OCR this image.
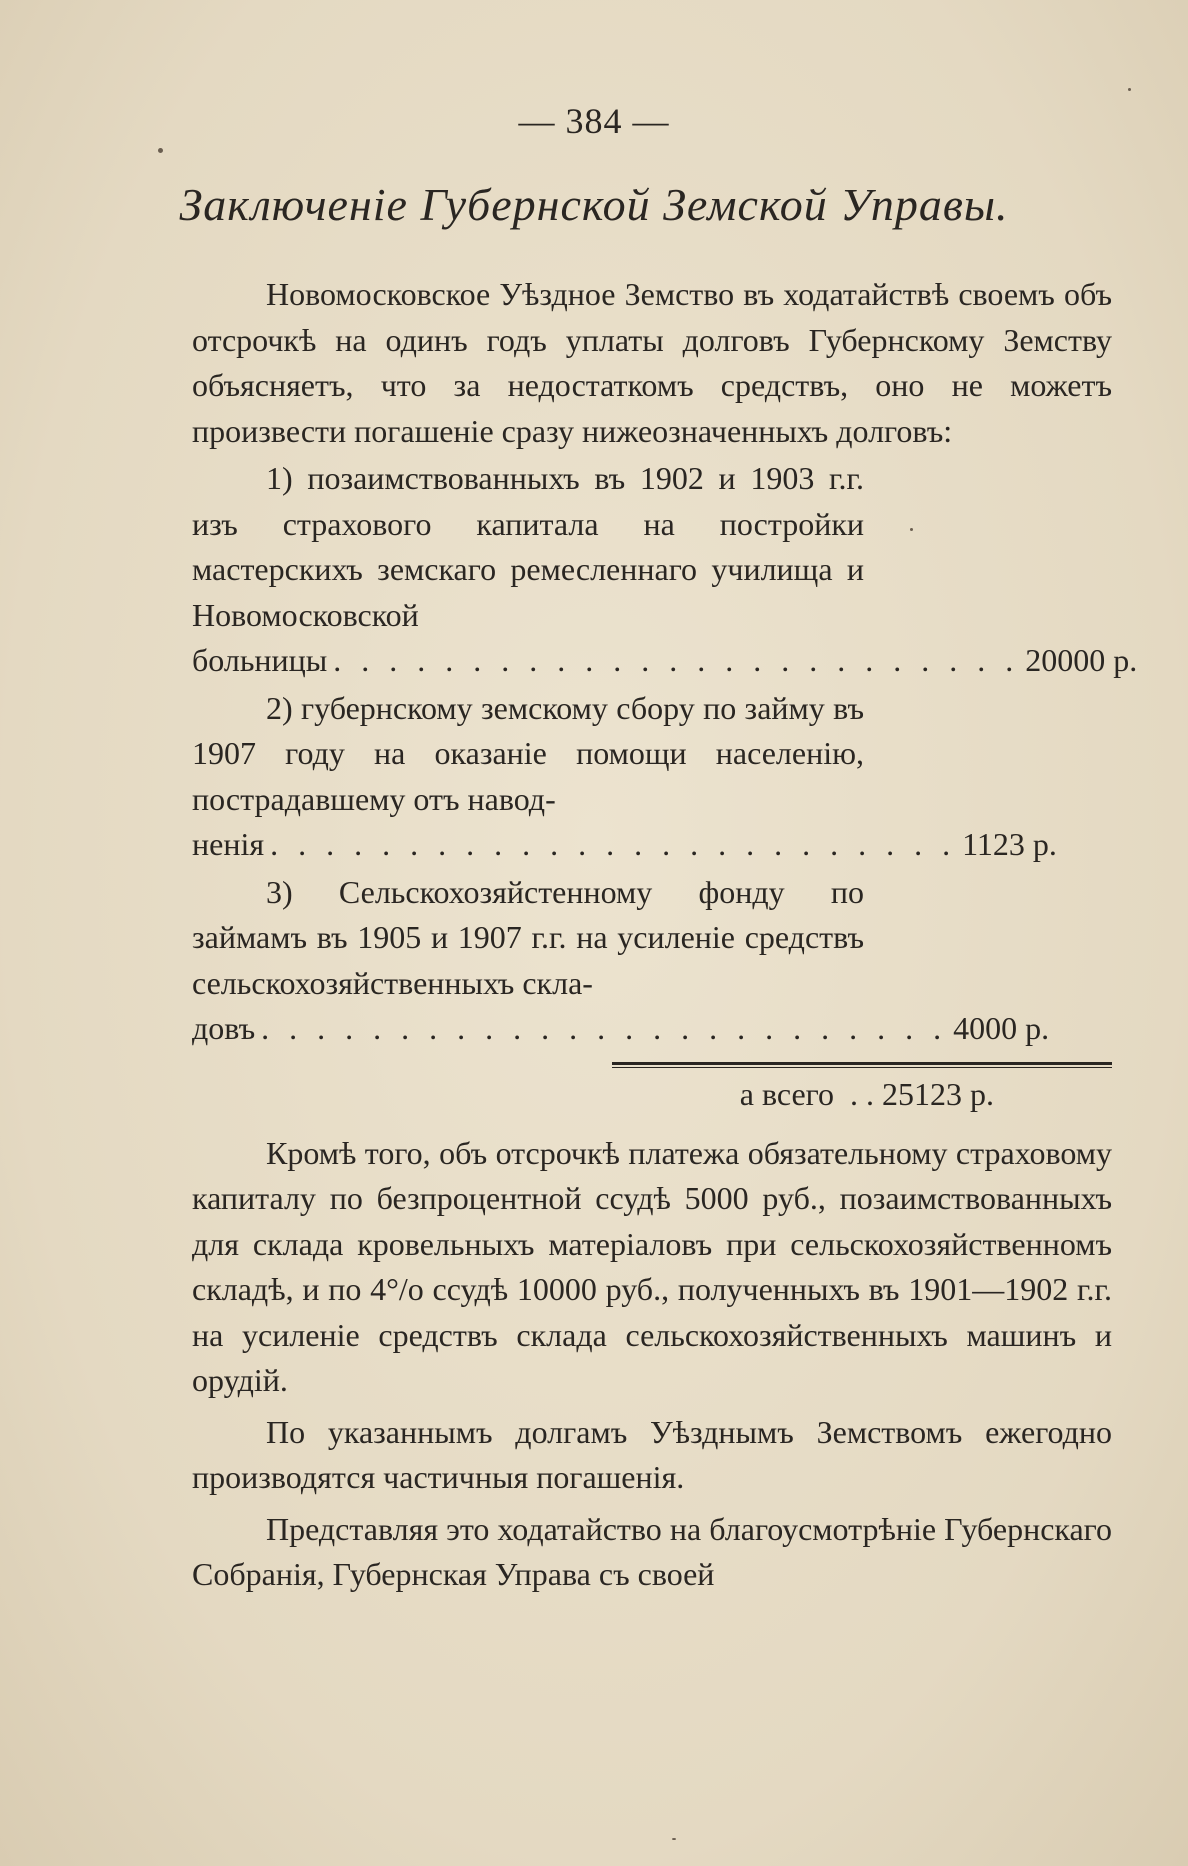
— 384 —
Заключенiе Губернской Земской Управы.

Новомосковское Уѣздное Земство въ ходатайствѣ своемъ объ отсрочкѣ на одинъ годъ уплаты долговъ Губернскому Земству объясняетъ, что за недостаткомъ средствъ, оно не можетъ произвести погашенiе сразу нижеозначенныхъ долговъ:

1) позаимствованныхъ въ 1902 и 1903 г.г. изъ страхового капитала на постройки мастерскихъ земскаго ремесленнаго училища и Новомосковской

больницы . . . . . . . . . . . . . . . . . . . . . . . . . 20000 р.

2) губернскому земскому сбору по займу въ 1907 году на оказанiе помощи населенiю, пострадавшему отъ навод-

ненiя . . . . . . . . . . . . . . . . . . . . . . . . . 1123 р.

3) Сельскохозяйстенному фонду по займамъ въ 1905 и 1907 г.г. на усиленiе средствъ сельскохозяйственныхъ скла-

довъ . . . . . . . . . . . . . . . . . . . . . . . . . 4000 р.
а всего  . .
25123 р.

Кромѣ того, объ отсрочкѣ платежа обязательному страховому капиталу по безпроцентной ссудѣ 5000 руб., позаимствованныхъ для склада кровельныхъ матерiаловъ при сельскохозяйственномъ складѣ, и по 4°/о ссудѣ 10000 руб., полученныхъ въ 1901—1902 г.г. на усиленiе средствъ склада сельскохозяйственныхъ машинъ и орудiй.

По указаннымъ долгамъ Уѣзднымъ Земствомъ ежегодно производятся частичныя погашенiя.

Представляя это ходатайство на благоусмотрѣнiе Губернскаго Собранiя, Губернская Управа съ своей
